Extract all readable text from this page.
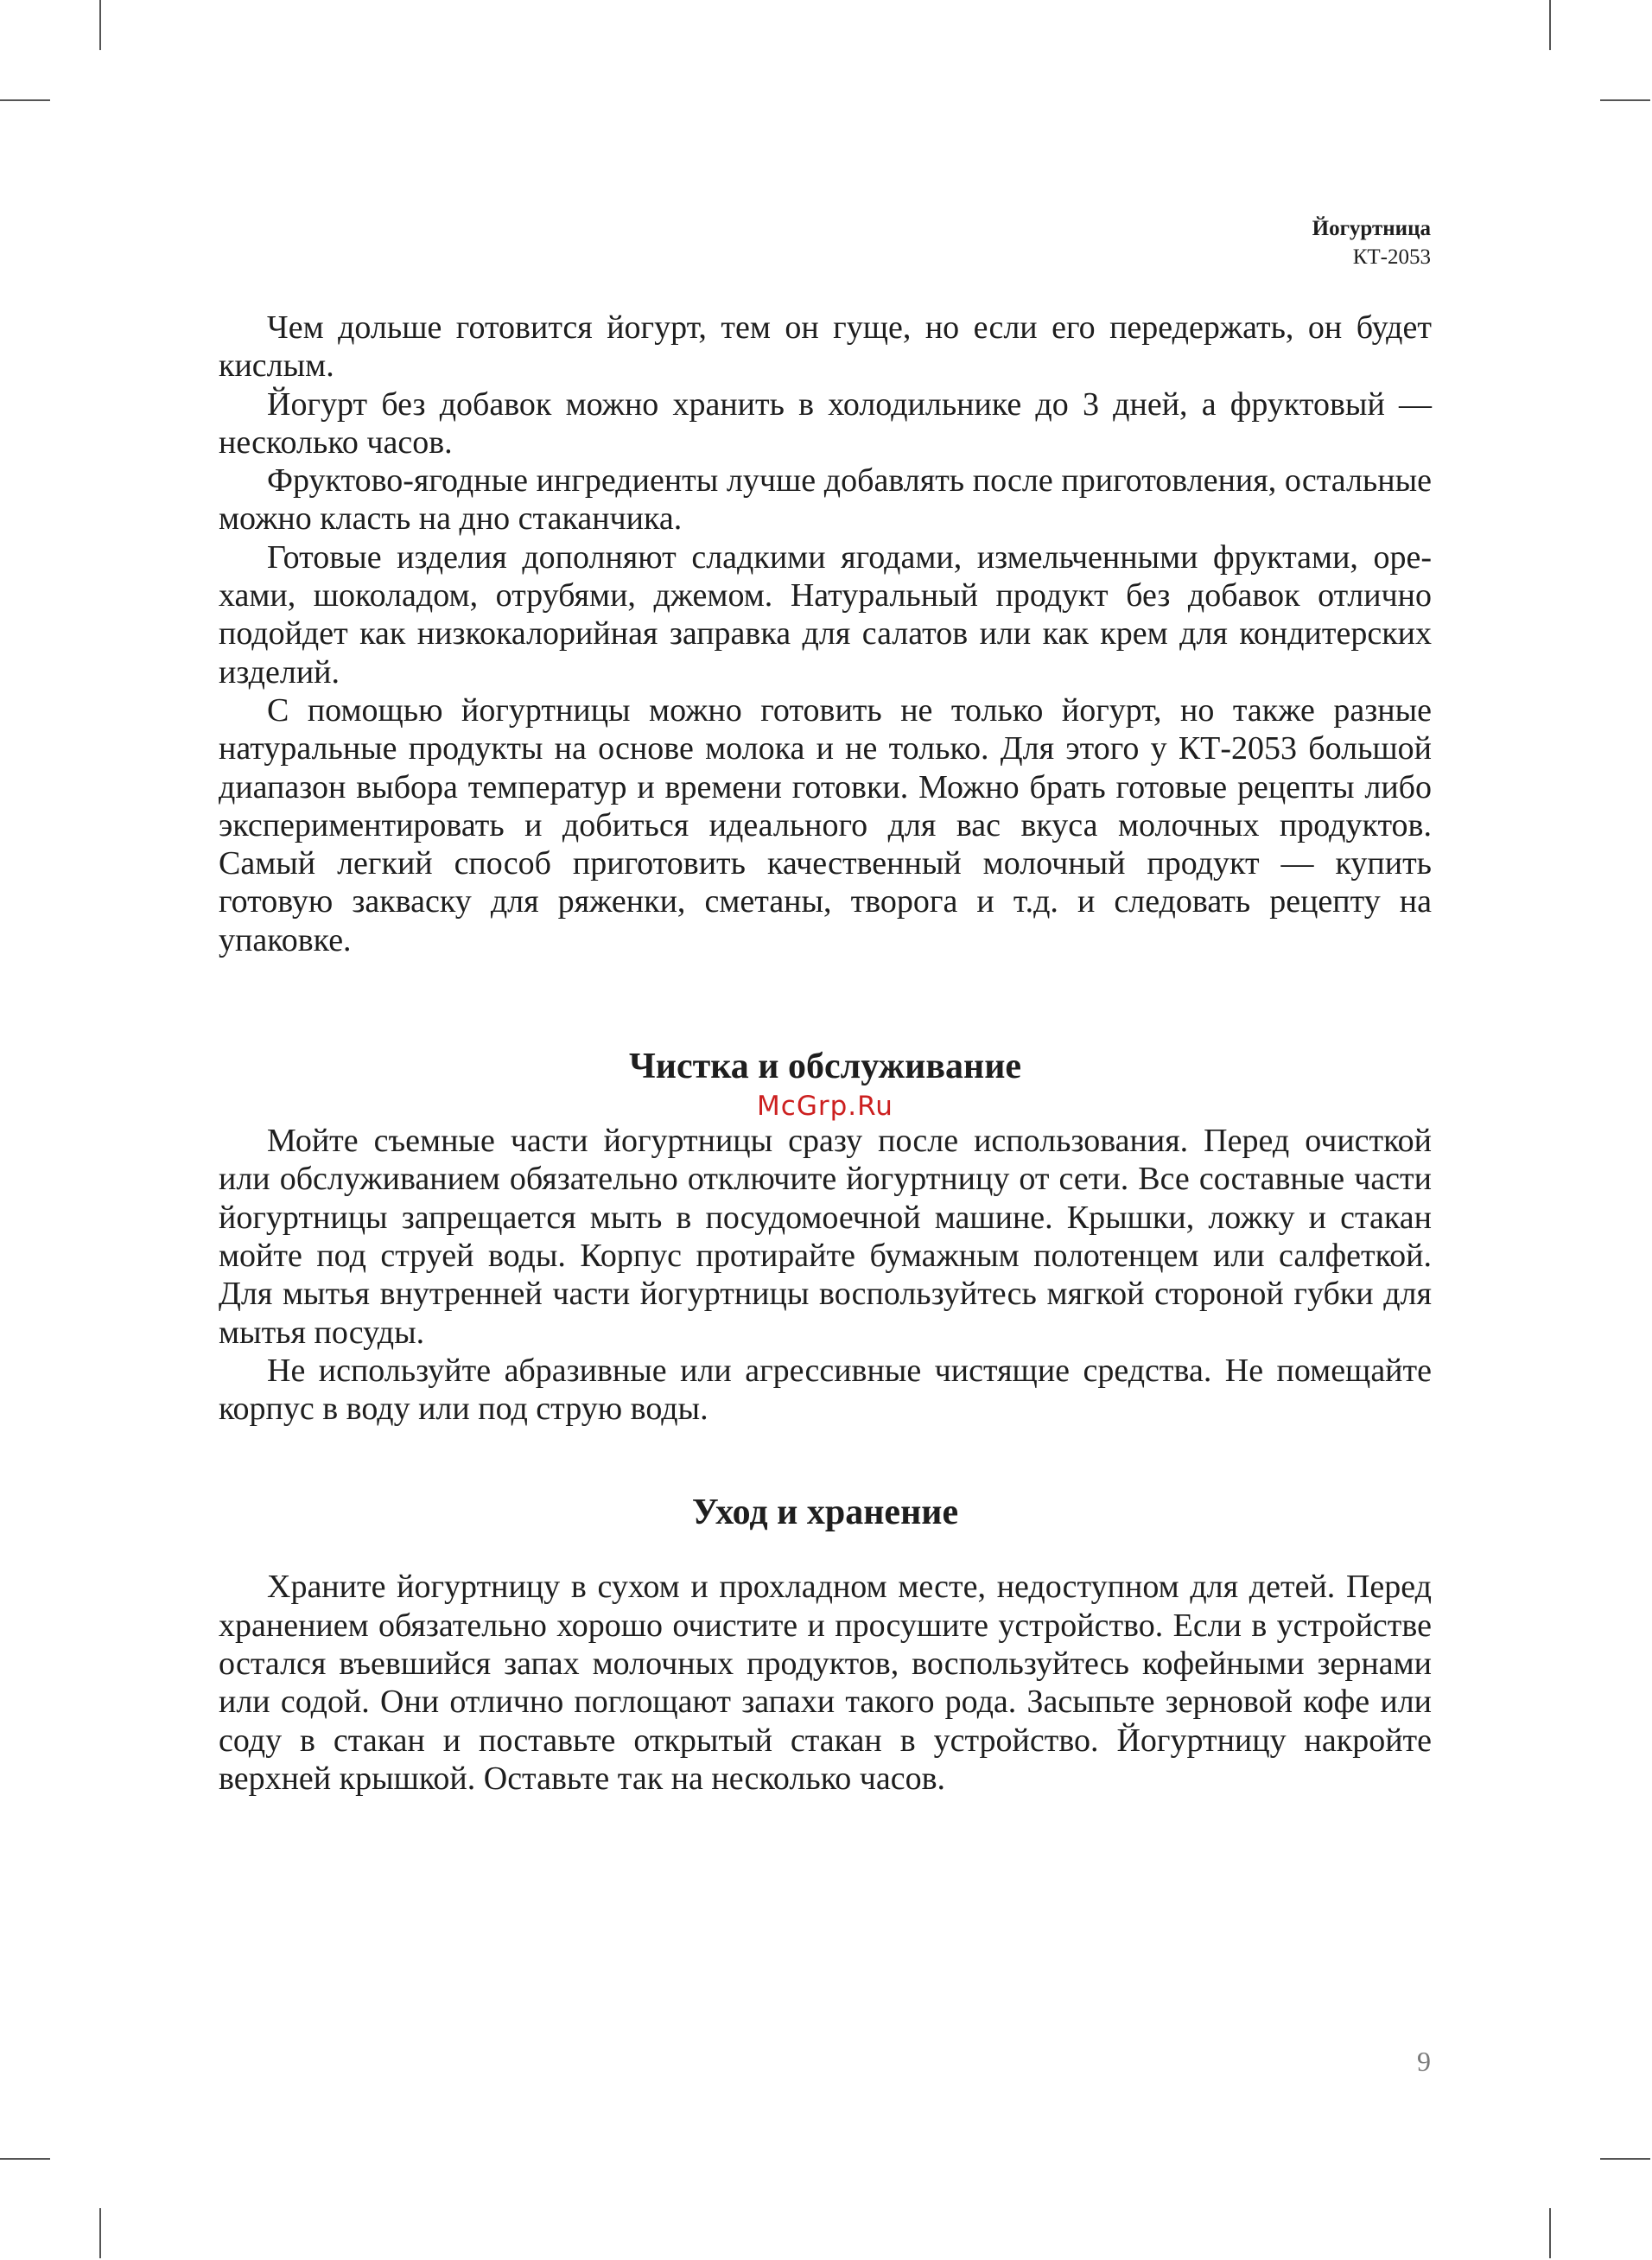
Йогуртница
КТ-2053

Чем дольше готовится йогурт, тем он гуще, но если его передержать, он будет кислым.

Йогурт без добавок можно хранить в холодильнике до 3 дней, а фруктовый — несколько часов.

Фруктово-ягодные ингредиенты лучше добавлять после приготовления, остальные можно класть на дно стаканчика.

Готовые изделия дополняют сладкими ягодами, измельченными фруктами, орехами, шоколадом, отрубями, джемом. Натуральный продукт без добавок отлично подойдет как низкокалорийная заправка для салатов или как крем для кондитерских изделий.

С помощью йогуртницы можно готовить не только йогурт, но также разные натуральные продукты на основе молока и не только. Для этого у КТ-2053 большой диапазон выбора температур и времени готовки. Можно брать готовые рецепты либо экспериментировать и добиться идеального для вас вкуса молочных продуктов. Самый легкий способ приготовить качественный молочный продукт — купить готовую закваску для ряженки, сметаны, творога и т.д. и следовать рецепту на упаковке.

Чистка и обслуживание
McGrp.Ru

Мойте съемные части йогуртницы сразу после использования. Перед очисткой или обслуживанием обязательно отключите йогуртницу от сети. Все составные части йогуртницы запрещается мыть в посудомоечной машине. Крышки, ложку и стакан мойте под струей воды. Корпус протирайте бумажным полотенцем или салфеткой. Для мытья внутренней части йогуртницы воспользуйтесь мягкой стороной губки для мытья посуды.

Не используйте абразивные или агрессивные чистящие средства. Не помещайте корпус в воду или под струю воды.

Уход и хранение

Храните йогуртницу в сухом и прохладном месте, недоступном для детей. Перед хранением обязательно хорошо очистите и просушите устройство. Если в устройстве остался въевшийся запах молочных продуктов, воспользуйтесь кофейными зернами или содой. Они отлично поглощают запахи такого рода. Засыпьте зерновой кофе или соду в стакан и поставьте открытый стакан в устройство. Йогуртницу накройте верхней крышкой. Оставьте так на несколько часов.

9
